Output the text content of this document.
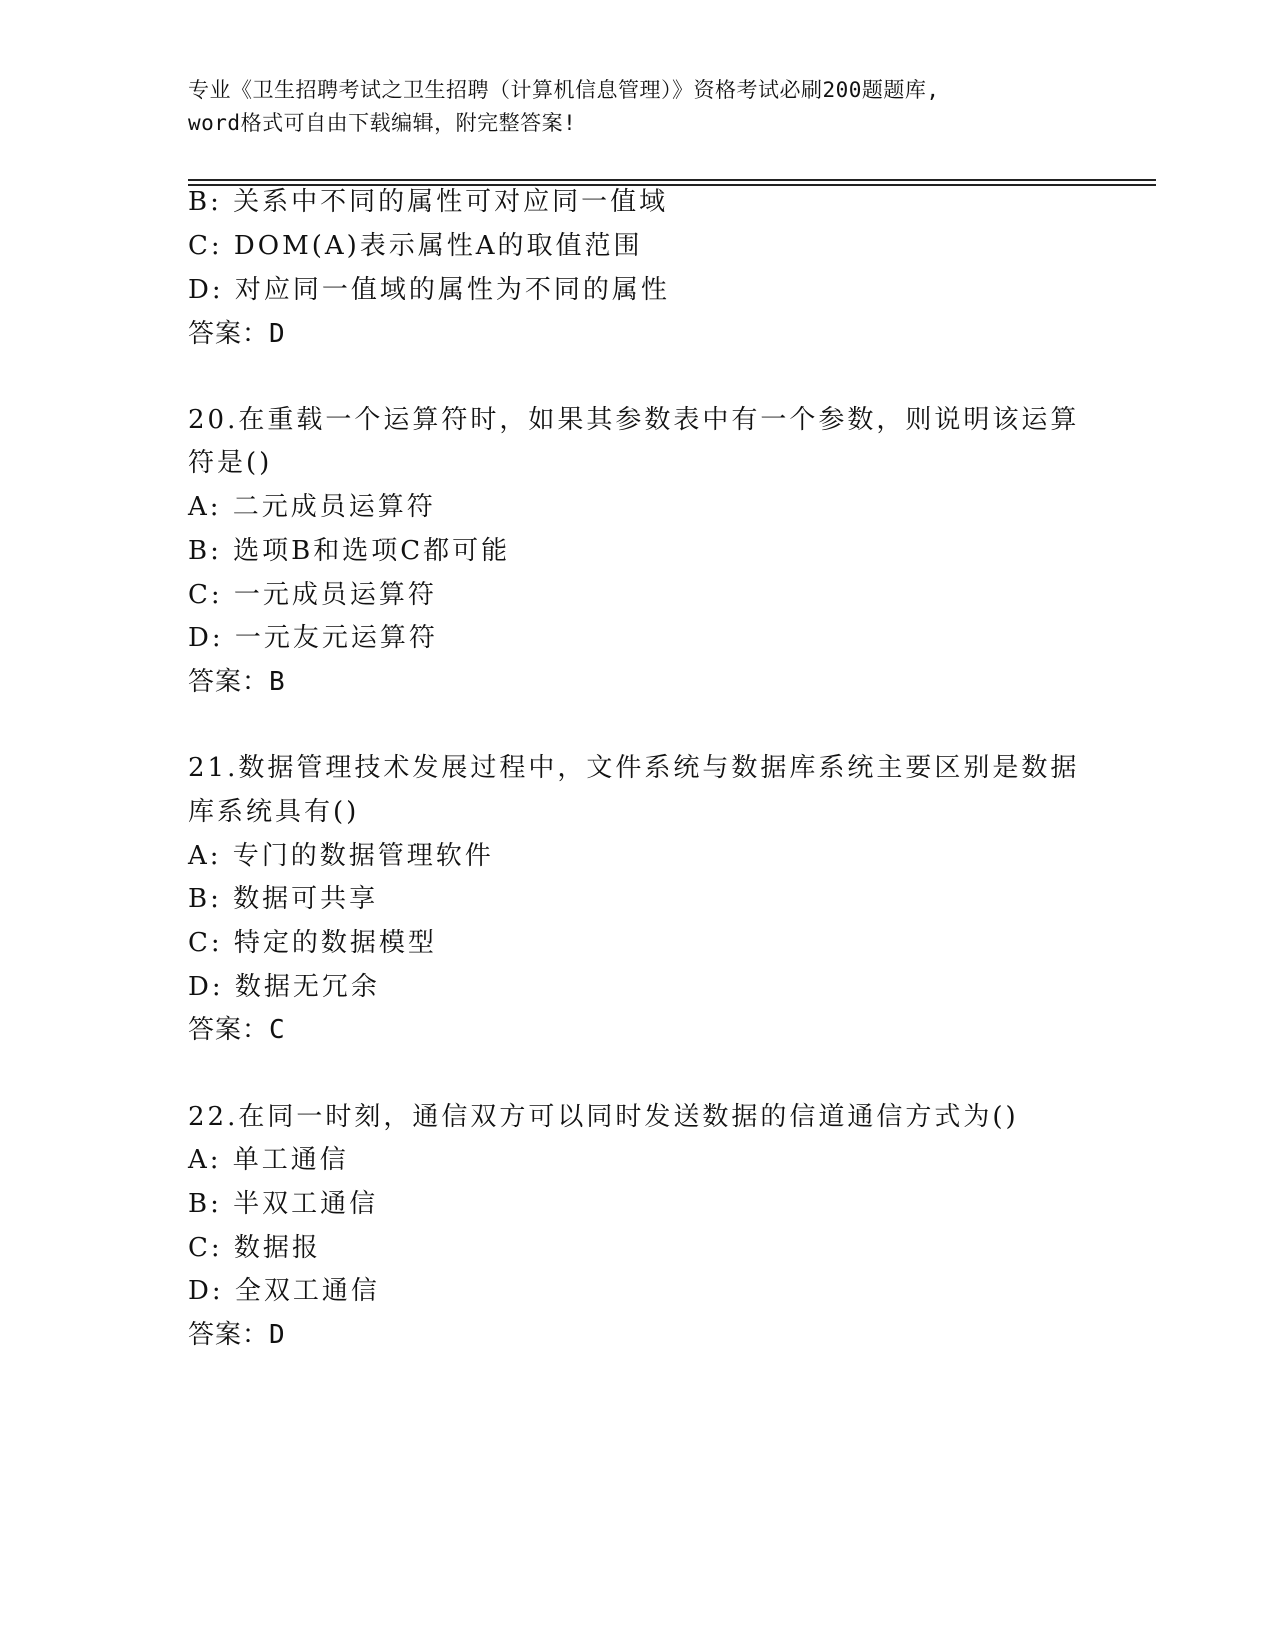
专业《卫生招聘考试之卫生招聘（计算机信息管理）》资格考试必刷200题题库,
word格式可自由下载编辑，附完整答案!
B: 关系中不同的属性可对应同一值域
C: DOM(A)表示属性A的取值范围
D: 对应同一值域的属性为不同的属性
答案：D
20.在重载一个运算符时，如果其参数表中有一个参数，则说明该运算
符是()
A: 二元成员运算符
B: 选项B和选项C都可能
C: 一元成员运算符
D: 一元友元运算符
答案：B
21.数据管理技术发展过程中，文件系统与数据库系统主要区别是数据
库系统具有()
A: 专门的数据管理软件
B: 数据可共享
C: 特定的数据模型
D: 数据无冗余
答案：C
22.在同一时刻，通信双方可以同时发送数据的信道通信方式为()
A: 单工通信
B: 半双工通信
C: 数据报
D: 全双工通信
答案：D
